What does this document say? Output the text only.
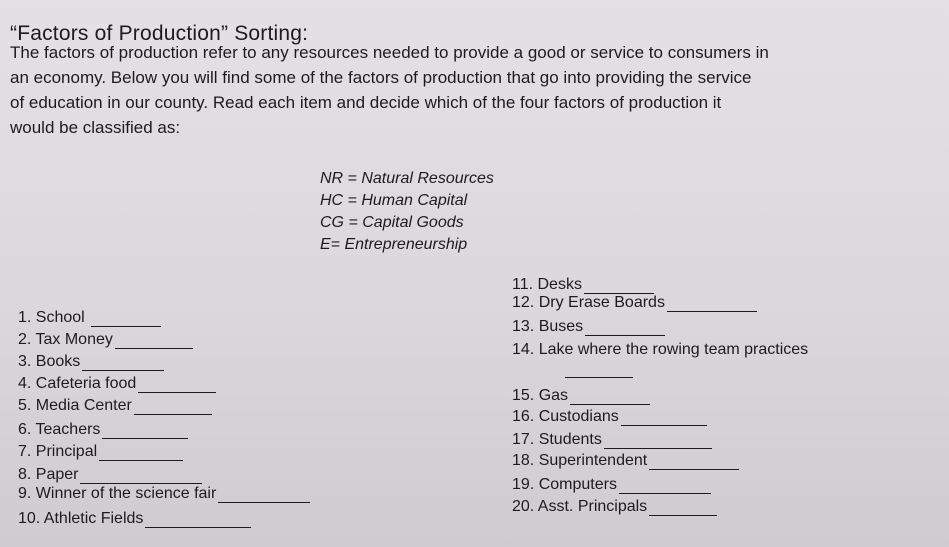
“Factors of Production” Sorting:
The factors of production refer to any resources needed to provide a good or service to consumers in
an economy. Below you will find some of the factors of production that go into providing the service
of education in our county. Read each item and decide which of the four factors of production it
would be classified as:
NR = Natural Resources
HC = Human Capital
CG = Capital Goods
E= Entrepreneurship
1. School
2. Tax Money
3. Books
4. Cafeteria food
5. Media Center
6. Teachers
7. Principal
8. Paper
9. Winner of the science fair
10. Athletic Fields
11. Desks
12. Dry Erase Boards
13. Buses
14. Lake where the rowing team practices
15. Gas
16. Custodians
17. Students
18. Superintendent
19. Computers
20. Asst. Principals
